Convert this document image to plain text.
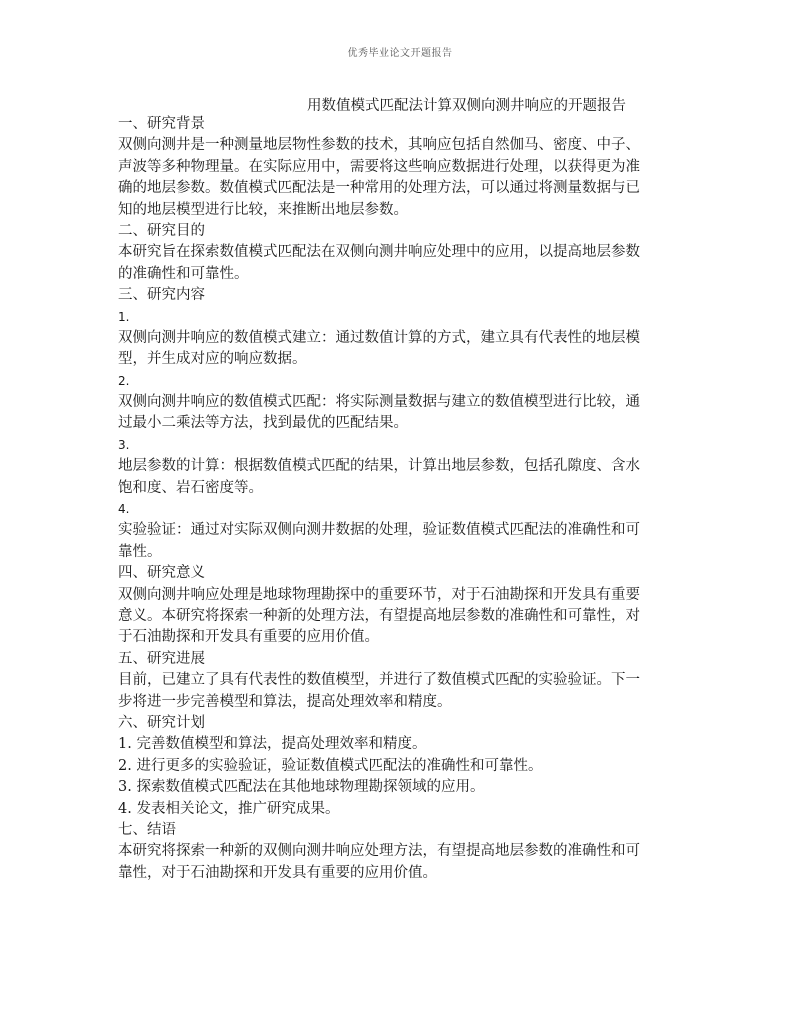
优秀毕业论文开题报告
用数值模式匹配法计算双侧向测井响应的开题报告
一、研究背景
双侧向测井是一种测量地层物性参数的技术，其响应包括自然伽马、密度、中子、
声波等多种物理量。在实际应用中，需要将这些响应数据进行处理，以获得更为准
确的地层参数。数值模式匹配法是一种常用的处理方法，可以通过将测量数据与已
知的地层模型进行比较，来推断出地层参数。
二、研究目的
本研究旨在探索数值模式匹配法在双侧向测井响应处理中的应用，以提高地层参数
的准确性和可靠性。
三、研究内容
1.
双侧向测井响应的数值模式建立：通过数值计算的方式，建立具有代表性的地层模
型，并生成对应的响应数据。
2.
双侧向测井响应的数值模式匹配：将实际测量数据与建立的数值模型进行比较，通
过最小二乘法等方法，找到最优的匹配结果。
3.
地层参数的计算：根据数值模式匹配的结果，计算出地层参数，包括孔隙度、含水
饱和度、岩石密度等。
4.
实验验证：通过对实际双侧向测井数据的处理，验证数值模式匹配法的准确性和可
靠性。
四、研究意义
双侧向测井响应处理是地球物理勘探中的重要环节，对于石油勘探和开发具有重要
意义。本研究将探索一种新的处理方法，有望提高地层参数的准确性和可靠性，对
于石油勘探和开发具有重要的应用价值。
五、研究进展
目前，已建立了具有代表性的数值模型，并进行了数值模式匹配的实验验证。下一
步将进一步完善模型和算法，提高处理效率和精度。
六、研究计划
1. 完善数值模型和算法，提高处理效率和精度。
2. 进行更多的实验验证，验证数值模式匹配法的准确性和可靠性。
3. 探索数值模式匹配法在其他地球物理勘探领域的应用。
4. 发表相关论文，推广研究成果。
七、结语
本研究将探索一种新的双侧向测井响应处理方法，有望提高地层参数的准确性和可
靠性，对于石油勘探和开发具有重要的应用价值。
